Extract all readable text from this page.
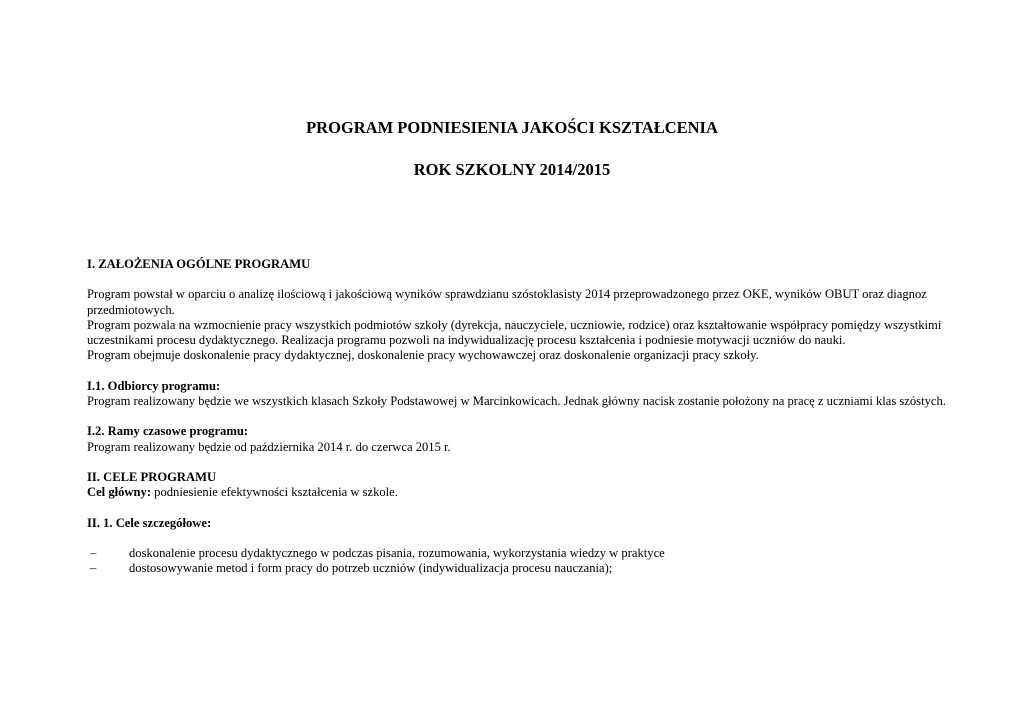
PROGRAM PODNIESIENIA JAKOŚCI KSZTAŁCENIA
ROK SZKOLNY 2014/2015

I. ZAŁOŻENIA OGÓLNE PROGRAMU

Program powstał w oparciu o analizę ilościową i jakościową wyników sprawdzianu szóstoklasisty 2014 przeprowadzonego przez OKE, wyników OBUT oraz diagnoz przedmiotowych.

Program pozwala na wzmocnienie pracy wszystkich podmiotów szkoły (dyrekcja, nauczyciele, uczniowie, rodzice) oraz kształtowanie współpracy pomiędzy wszystkimi uczestnikami procesu dydaktycznego. Realizacja programu pozwoli na indywidualizację procesu kształcenia i podniesie motywacji uczniów do nauki.

Program obejmuje doskonalenie pracy dydaktycznej, doskonalenie pracy wychowawczej oraz doskonalenie organizacji pracy szkoły.

I.1. Odbiorcy programu:

Program realizowany będzie we wszystkich klasach Szkoły Podstawowej w Marcinkowicach. Jednak główny nacisk zostanie położony na pracę z uczniami klas szóstych.

I.2. Ramy czasowe programu:

Program realizowany będzie od października 2014 r. do czerwca 2015 r.

II. CELE PROGRAMU

Cel główny: podniesienie efektywności kształcenia w szkole.

II. 1. Cele szczegółowe:

–	doskonalenie procesu dydaktycznego w podczas pisania, rozumowania, wykorzystania wiedzy w praktyce
–	dostosowywanie metod i form pracy do potrzeb uczniów (indywidualizacja procesu nauczania);
